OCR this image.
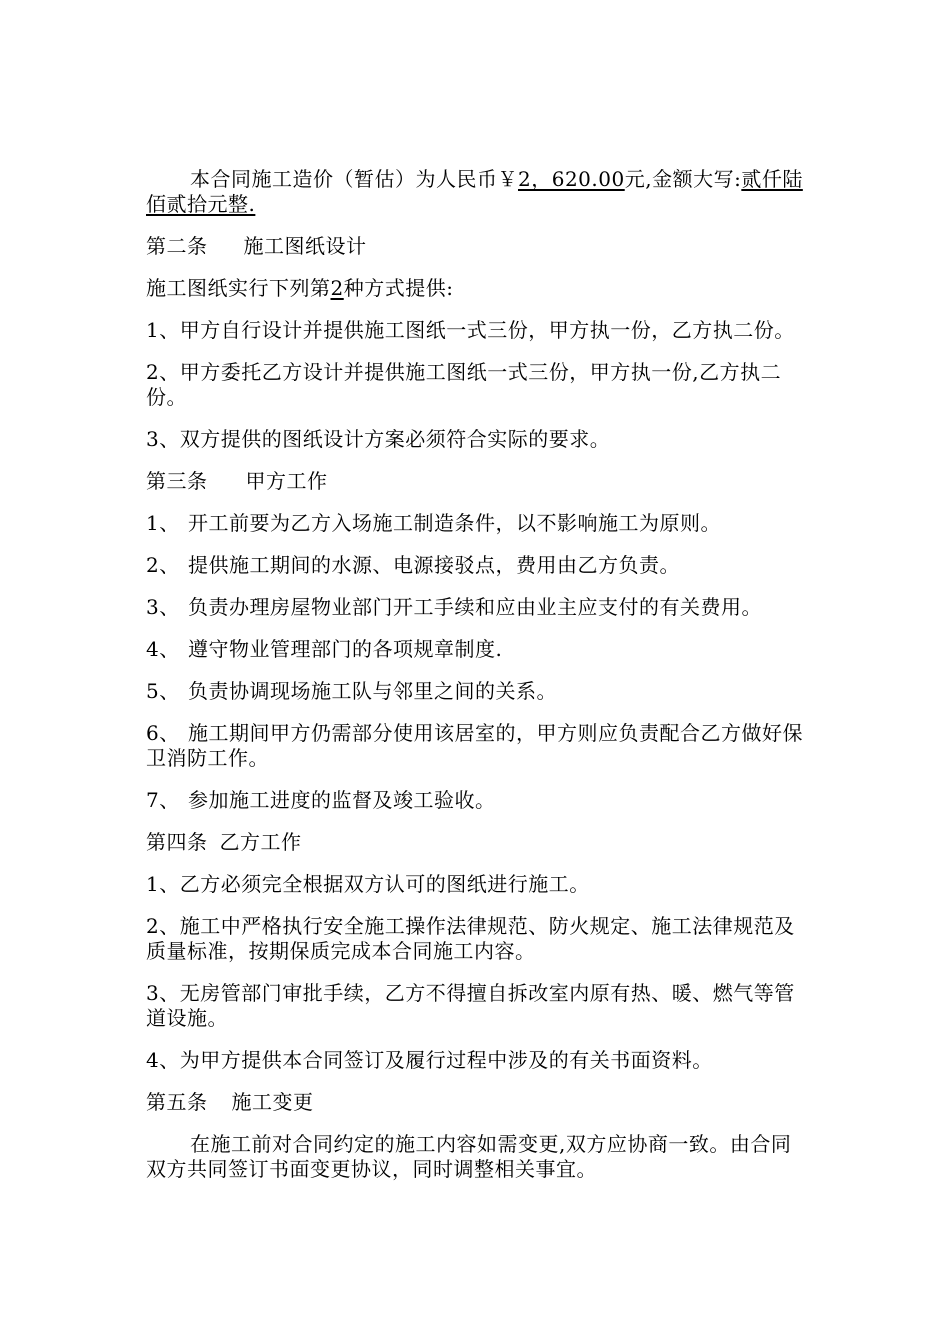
本合同施工造价（暂估）为人民币￥2，620.00元,金额大写:贰仟陆佰贰拾元整.

第二条 施工图纸设计

施工图纸实行下列第2种方式提供:

1、甲方自行设计并提供施工图纸一式三份，甲方执一份，乙方执二份。

2、甲方委托乙方设计并提供施工图纸一式三份，甲方执一份,乙方执二份。

3、双方提供的图纸设计方案必须符合实际的要求。

第三条 甲方工作

1、 开工前要为乙方入场施工制造条件，以不影响施工为原则。

2、 提供施工期间的水源、电源接驳点，费用由乙方负责。

3、 负责办理房屋物业部门开工手续和应由业主应支付的有关费用。

4、 遵守物业管理部门的各项规章制度.

5、 负责协调现场施工队与邻里之间的关系。

6、 施工期间甲方仍需部分使用该居室的，甲方则应负责配合乙方做好保卫消防工作。

7、 参加施工进度的监督及竣工验收。

第四条 乙方工作

1、乙方必须完全根据双方认可的图纸进行施工。

2、施工中严格执行安全施工操作法律规范、防火规定、施工法律规范及质量标准，按期保质完成本合同施工内容。

3、无房管部门审批手续，乙方不得擅自拆改室内原有热、暖、燃气等管道设施。

4、为甲方提供本合同签订及履行过程中涉及的有关书面资料。

第五条 施工变更

在施工前对合同约定的施工内容如需变更,双方应协商一致。由合同双方共同签订书面变更协议，同时调整相关事宜。
